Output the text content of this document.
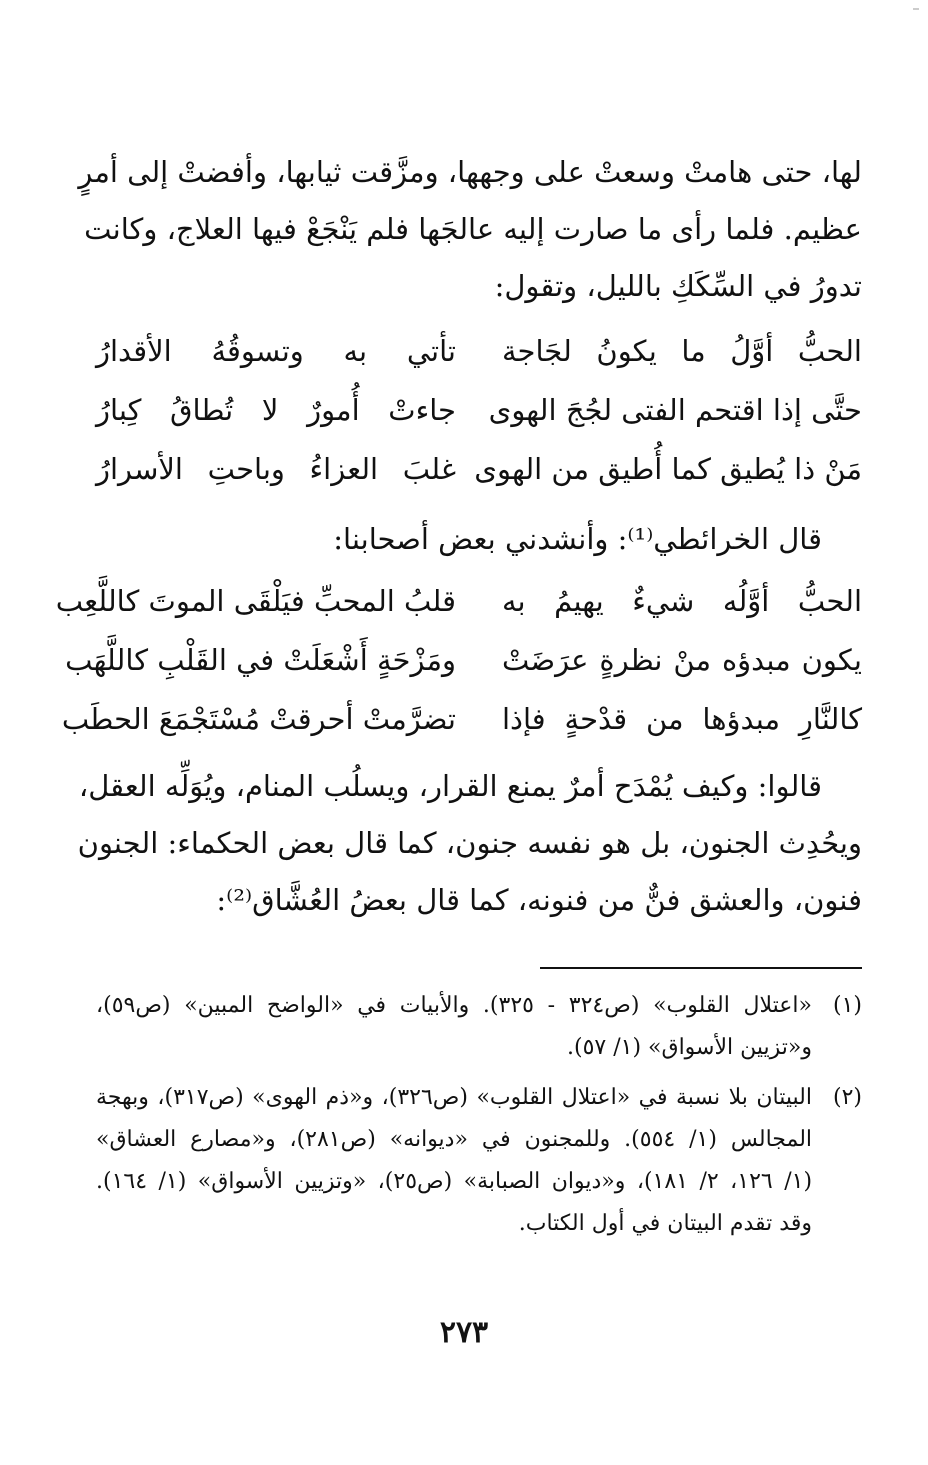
لها، حتى هامتْ وسعتْ على وجهها، ومزَّقت ثيابها، وأفضتْ إلى أمرٍ
عظيم. فلما رأى ما صارت إليه عالجَها فلم يَنْجَعْ فيها العلاج، وكانت
تدورُ في السِّكَكِ بالليل، وتقول:
الحبُّ أوَّلُ ما يكونُ لجَاجة
تأتي به وتسوقُهُ الأقدارُ
حتَّى إذا اقتحم الفتى لجُجَ الهوى
جاءتْ أُمورٌ لا تُطاقُ كِبارُ
مَنْ ذا يُطيق كما أُطيق من الهوى
غلبَ العزاءُ وباحتِ الأسرارُ
قال الخرائطي⁽¹⁾: وأنشدني بعض أصحابنا:
الحبُّ أوَّلُه شيءٌ يهيمُ به
قلبُ المحبِّ فيَلْقَى الموتَ كاللَّعِب
يكون مبدؤه منْ نظرةٍ عرَضَتْ
ومَزْحَةٍ أَشْعَلَتْ في القَلْبِ كاللَّهَب
كالنَّارِ مبدؤها من قدْحةٍ فإذا
تضرَّمتْ أحرقتْ مُسْتَجْمَعَ الحطَب
قالوا: وكيف يُمْدَح أمرٌ يمنع القرار، ويسلُب المنام، ويُوَلِّه العقل،
ويحُدِث الجنون، بل هو نفسه جنون، كما قال بعض الحكماء: الجنون
فنون، والعشق فنٌّ من فنونه، كما قال بعضُ العُشَّاق⁽²⁾:
(١)
«اعتلال القلوب» (ص٣٢٤ - ٣٢٥). والأبيات في «الواضح المبين» (ص٥٩)،
و«تزيين الأسواق» (١/ ٥٧).
(٢)
البيتان بلا نسبة في «اعتلال القلوب» (ص٣٢٦)، و«ذم الهوى» (ص٣١٧)، وبهجة
المجالس (١/ ٥٥٤). وللمجنون في «ديوانه» (ص٢٨١)، و«مصارع العشاق»
(١/ ١٢٦، ٢/ ١٨١)، و«ديوان الصبابة» (ص٢٥)، «وتزيين الأسواق» (١/ ١٦٤).
وقد تقدم البيتان في أول الكتاب.
٢٧٣
